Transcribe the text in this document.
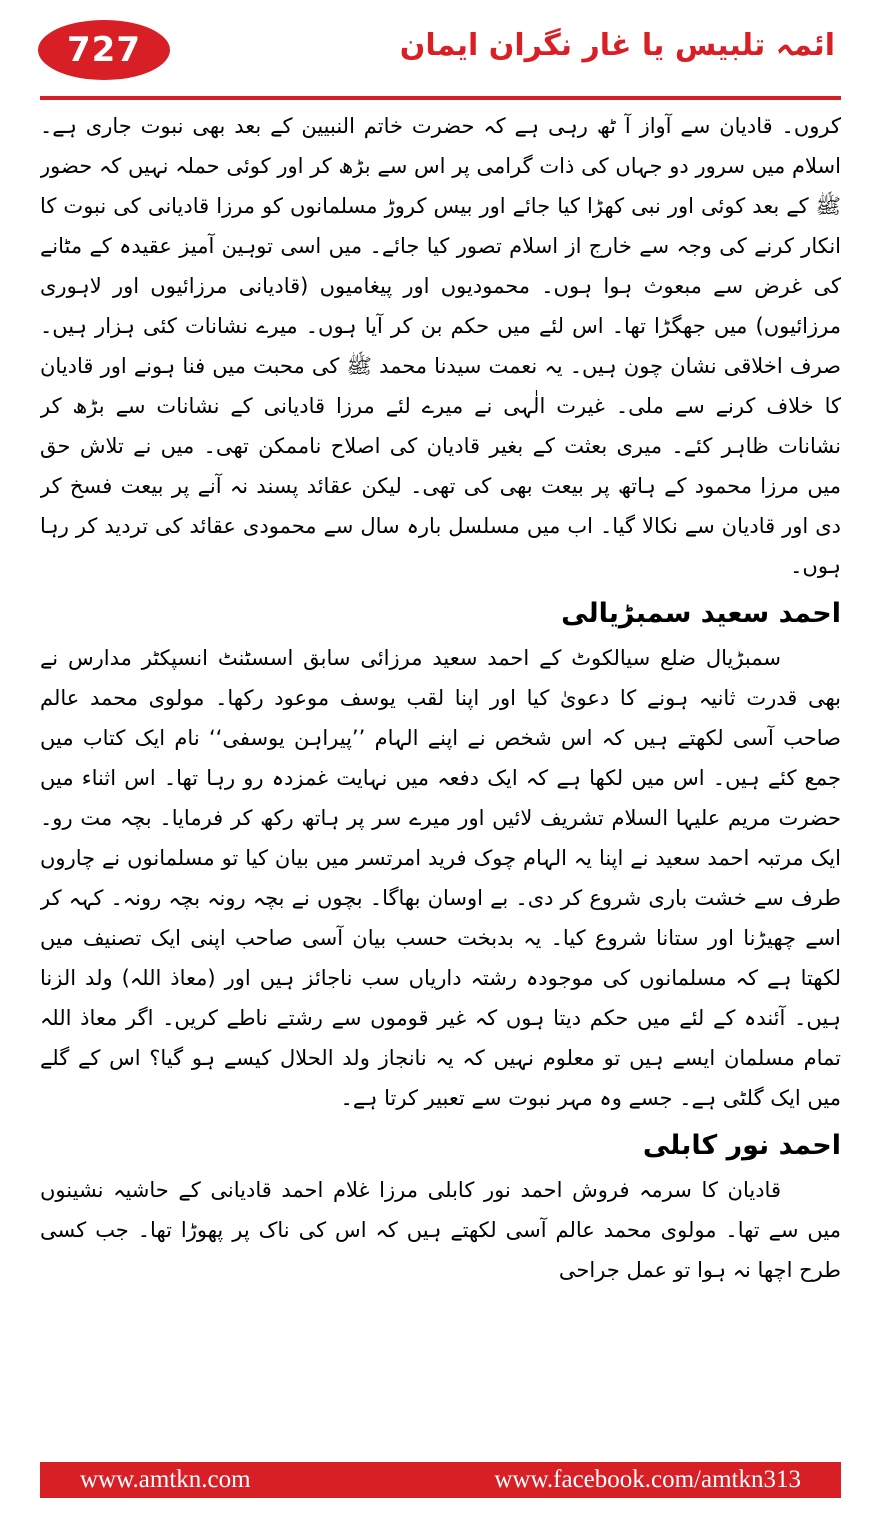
727	ائمہ تلبیس یا غار نگران ایمان

کروں۔ قادیان سے آواز آ ٹھ رہی ہے کہ حضرت خاتم النبیین کے بعد بھی نبوت جاری ہے۔ اسلام میں سرور دو جہاں کی ذات گرامی پر اس سے بڑھ کر اور کوئی حملہ نہیں کہ حضور ﷺ کے بعد کوئی اور نبی کھڑا کیا جائے اور بیس کروڑ مسلمانوں کو مرزا قادیانی کی نبوت کا انکار کرنے کی وجہ سے خارج از اسلام تصور کیا جائے۔ میں اسی توہین آمیز عقیدہ کے مٹانے کی غرض سے مبعوث ہوا ہوں۔ محمودیوں اور پیغامیوں (قادیانی مرزائیوں اور لاہوری مرزائیوں) میں جھگڑا تھا۔ اس لئے میں حکم بن کر آیا ہوں۔ میرے نشانات کئی ہزار ہیں۔ صرف اخلاقی نشان چون ہیں۔ یہ نعمت سیدنا محمد ﷺ کی محبت میں فنا ہونے اور قادیان کا خلاف کرنے سے ملی۔ غیرت الٰہی نے میرے لئے مرزا قادیانی کے نشانات سے بڑھ کر نشانات ظاہر کئے۔ میری بعثت کے بغیر قادیان کی اصلاح ناممکن تھی۔ میں نے تلاش حق میں مرزا محمود کے ہاتھ پر بیعت بھی کی تھی۔ لیکن عقائد پسند نہ آنے پر بیعت فسخ کر دی اور قادیان سے نکالا گیا۔ اب میں مسلسل بارہ سال سے محمودی عقائد کی تردید کر رہا ہوں۔

احمد سعید سمبڑیالی

سمبڑیال ضلع سیالکوٹ کے احمد سعید مرزائی سابق اسسٹنٹ انسپکٹر مدارس نے بھی قدرت ثانیہ ہونے کا دعویٰ کیا اور اپنا لقب یوسف موعود رکھا۔ مولوی محمد عالم صاحب آسی لکھتے ہیں کہ اس شخص نے اپنے الہام ’’پیراہن یوسفی‘‘ نام ایک کتاب میں جمع کئے ہیں۔ اس میں لکھا ہے کہ ایک دفعہ میں نہایت غمزدہ رو رہا تھا۔ اس اثناء میں حضرت مریم علیہا السلام تشریف لائیں اور میرے سر پر ہاتھ رکھ کر فرمایا۔ بچہ مت رو۔ ایک مرتبہ احمد سعید نے اپنا یہ الہام چوک فرید امرتسر میں بیان کیا تو مسلمانوں نے چاروں طرف سے خشت باری شروع کر دی۔ بے اوسان بھاگا۔ بچوں نے بچہ رونہ بچہ رونہ۔ کہہ کر اسے چھیڑنا اور ستانا شروع کیا۔ یہ بدبخت حسب بیان آسی صاحب اپنی ایک تصنیف میں لکھتا ہے کہ مسلمانوں کی موجودہ رشتہ داریاں سب ناجائز ہیں اور (معاذ اللہ) ولد الزنا ہیں۔ آئندہ کے لئے میں حکم دیتا ہوں کہ غیر قوموں سے رشتے ناطے کریں۔ اگر معاذ اللہ تمام مسلمان ایسے ہیں تو معلوم نہیں کہ یہ نانجاز ولد الحلال کیسے ہو گیا؟ اس کے گلے میں ایک گلٹی ہے۔ جسے وہ مہر نبوت سے تعبیر کرتا ہے۔

احمد نور کابلی

قادیان کا سرمہ فروش احمد نور کابلی مرزا غلام احمد قادیانی کے حاشیہ نشینوں میں سے تھا۔ مولوی محمد عالم آسی لکھتے ہیں کہ اس کی ناک پر پھوڑا تھا۔ جب کسی طرح اچھا نہ ہوا تو عمل جراحی

www.amtkn.com	www.facebook.com/amtkn313
